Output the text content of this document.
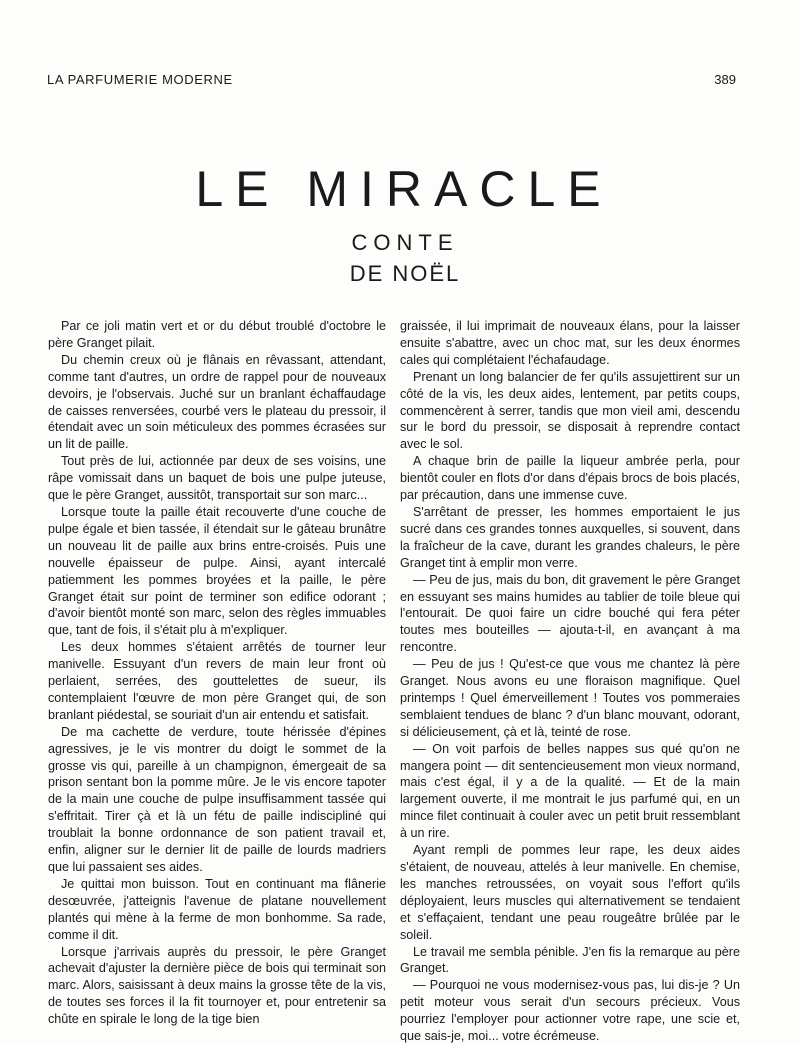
LA PARFUMERIE MODERNE	389
LE MIRACLE
CONTE
DE NOËL

Par ce joli matin vert et or du début troublé d'octobre le père Granget pilait.

Du chemin creux où je flânais en rêvassant, attendant, comme tant d'autres, un ordre de rappel pour de nouveaux devoirs, je l'observais. Juché sur un branlant échaffaudage de caisses renversées, courbé vers le plateau du pressoir, il étendait avec un soin méticuleux des pommes écrasées sur un lit de paille.

Tout près de lui, actionnée par deux de ses voisins, une râpe vomissait dans un baquet de bois une pulpe juteuse, que le père Granget, aussitôt, transportait sur son marc...

Lorsque toute la paille était recouverte d'une couche de pulpe égale et bien tassée, il étendait sur le gâteau brunâtre un nouveau lit de paille aux brins entre-croisés. Puis une nouvelle épaisseur de pulpe. Ainsi, ayant intercalé patiemment les pommes broyées et la paille, le père Granget était sur point de terminer son edifice odorant ; d'avoir bientôt monté son marc, selon des règles immuables que, tant de fois, il s'était plu à m'expliquer.

Les deux hommes s'étaient arrêtés de tourner leur manivelle. Essuyant d'un revers de main leur front où perlaient, serrées, des gouttelettes de sueur, ils contemplaient l'œuvre de mon père Granget qui, de son branlant piédestal, se souriait d'un air entendu et satisfait.

De ma cachette de verdure, toute hérissée d'épines agressives, je le vis montrer du doigt le sommet de la grosse vis qui, pareille à un champignon, émergeait de sa prison sentant bon la pomme mûre. Je le vis encore tapoter de la main une couche de pulpe insuffisamment tassée qui s'effritait. Tirer çà et là un fétu de paille indiscipliné qui troublait la bonne ordonnance de son patient travail et, enfin, aligner sur le dernier lit de paille de lourds madriers que lui passaient ses aides.

Je quittai mon buisson. Tout en continuant ma flânerie desœuvrée, j'atteignis l'avenue de platane nouvellement plantés qui mène à la ferme de mon bonhomme. Sa rade, comme il dit.

Lorsque j'arrivais auprès du pressoir, le père Granget achevait d'ajuster la dernière pièce de bois qui terminait son marc. Alors, saisissant à deux mains la grosse tête de la vis, de toutes ses forces il la fit tournoyer et, pour entretenir sa chûte en spirale le long de la tige bien

graissée, il lui imprimait de nouveaux élans, pour la laisser ensuite s'abattre, avec un choc mat, sur les deux énormes cales qui complétaient l'échafaudage.

Prenant un long balancier de fer qu'ils assujettirent sur un côté de la vis, les deux aides, lentement, par petits coups, commencèrent à serrer, tandis que mon vieil ami, descendu sur le bord du pressoir, se disposait à reprendre contact avec le sol.

A chaque brin de paille la liqueur ambrée perla, pour bientôt couler en flots d'or dans d'épais brocs de bois placés, par précaution, dans une immense cuve.

S'arrêtant de presser, les hommes emportaient le jus sucré dans ces grandes tonnes auxquelles, si souvent, dans la fraîcheur de la cave, durant les grandes chaleurs, le père Granget tint à emplir mon verre.

— Peu de jus, mais du bon, dit gravement le père Granget en essuyant ses mains humides au tablier de toile bleue qui l'entourait. De quoi faire un cidre bouché qui fera péter toutes mes bouteilles — ajouta-t-il, en avançant à ma rencontre.

— Peu de jus ! Qu'est-ce que vous me chantez là père Granget. Nous avons eu une floraison magnifique. Quel printemps ! Quel émerveillement ! Toutes vos pommeraies semblaient tendues de blanc ? d'un blanc mouvant, odorant, si délicieusement, çà et là, teinté de rose.

— On voit parfois de belles nappes sus qué qu'on ne mangera point — dit sentencieusement mon vieux normand, mais c'est égal, il y a de la qualité. — Et de la main largement ouverte, il me montrait le jus parfumé qui, en un mince filet continuait à couler avec un petit bruit ressemblant à un rire.

Ayant rempli de pommes leur rape, les deux aides s'étaient, de nouveau, attelés à leur manivelle. En chemise, les manches retroussées, on voyait sous l'effort qu'ils déployaient, leurs muscles qui alternativement se tendaient et s'effaçaient, tendant une peau rougeâtre brûlée par le soleil.

Le travail me sembla pénible. J'en fis la remarque au père Granget.

— Pourquoi ne vous modernisez-vous pas, lui dis-je ? Un petit moteur vous serait d'un secours précieux. Vous pourriez l'employer pour actionner votre rape, une scie et, que sais-je, moi... votre écrémeuse.
